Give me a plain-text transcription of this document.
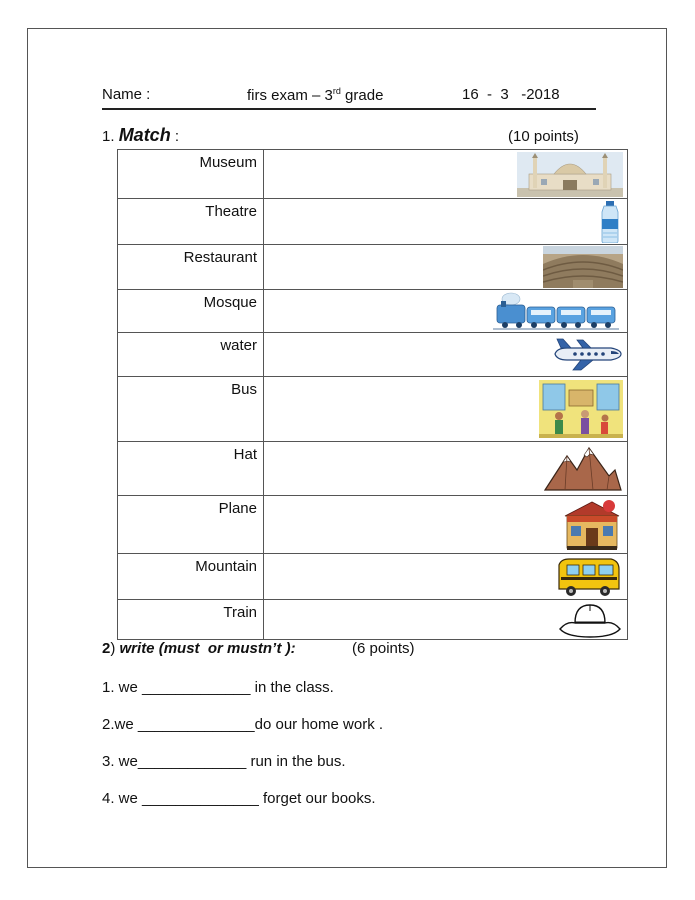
Name :	firs exam – 3rd grade	16  -  3   -2018
1. Match :	(10 points)
Museum	

Theatre	

Restaurant	

Mosque	

water	

Bus	

Hat	

Plane	

Mountain	

Train	
2) write (must  or mustn’t ):	(6 points)
1. we _____________ in the class.
2.we ______________do our home work .
3. we_____________ run in the bus.
4. we ______________ forget our books.
